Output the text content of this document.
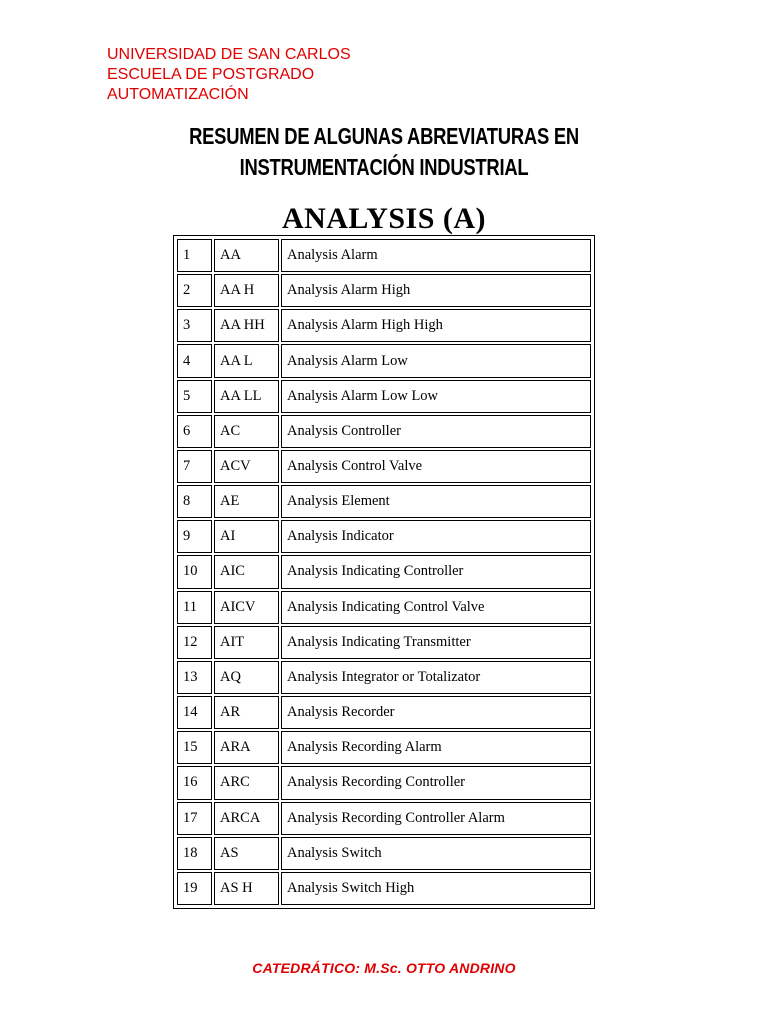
UNIVERSIDAD DE SAN CARLOS
ESCUELA DE POSTGRADO
AUTOMATIZACIÓN
RESUMEN DE ALGUNAS ABREVIATURAS EN
INSTRUMENTACIÓN INDUSTRIAL
ANALYSIS (A)
1	AA	Analysis Alarm
2	AA H	Analysis Alarm High
3	AA HH	Analysis Alarm High High
4	AA L	Analysis Alarm Low
5	AA LL	Analysis Alarm Low Low
6	AC	Analysis Controller
7	ACV	Analysis Control Valve
8	AE	Analysis Element
9	AI	Analysis Indicator
10	AIC	Analysis Indicating Controller
11	AICV	Analysis Indicating Control Valve
12	AIT	Analysis Indicating Transmitter
13	AQ	Analysis Integrator or Totalizator
14	AR	Analysis Recorder
15	ARA	Analysis Recording Alarm
16	ARC	Analysis Recording Controller
17	ARCA	Analysis Recording Controller Alarm
18	AS	Analysis Switch
19	AS H	Analysis Switch High
CATEDRÁTICO: M.Sc. OTTO ANDRINO
